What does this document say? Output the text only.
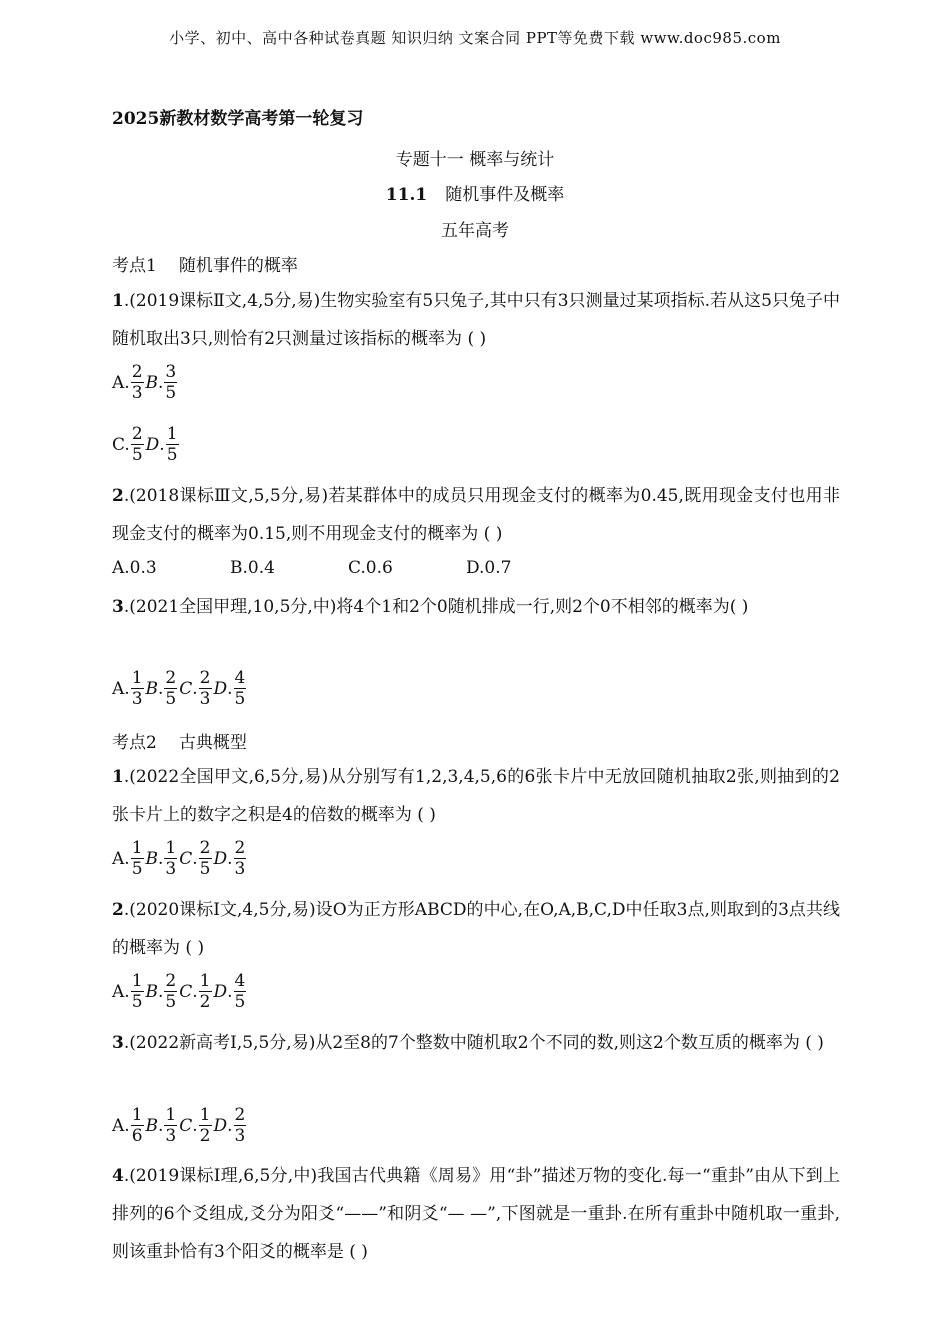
小学、初中、高中各种试卷真题 知识归纳 文案合同 PPT等免费下载 www.doc985.com
2025新教材数学高考第一轮复习
专题十一 概率与统计
11.1 随机事件及概率
五年高考
考点1 随机事件的概率
1.(2019课标Ⅱ文,4,5分,易)生物实验室有5只兔子,其中只有3只测量过某项指标.若从这5只兔子中随机取出3只,则恰有2只测量过该指标的概率为 ( )
A. $\frac{2}{3}$ B . $\frac{3}{5}$
C. $\frac{2}{5}$ D . $\frac{1}{5}$
2.(2018课标Ⅲ文,5,5分,易)若某群体中的成员只用现金支付的概率为0.45,既用现金支付也用非现金支付的概率为0.15,则不用现金支付的概率为 ( )
A.0.3	B.0.4	C.0.6	D.0.7
3.(2021全国甲理,10,5分,中)将4个1和2个0随机排成一行,则2个0不相邻的概率为( )
A. $\frac{1}{3}$ B . $\frac{2}{5}$ C . $\frac{2}{3}$ D . $\frac{4}{5}$
考点2 古典概型
1.(2022全国甲文,6,5分,易)从分别写有1,2,3,4,5,6的6张卡片中无放回随机抽取2张,则抽到的2张卡片上的数字之积是4的倍数的概率为 ( )
A. $\frac{1}{5}$ B . $\frac{1}{3}$ C . $\frac{2}{5}$ D . $\frac{2}{3}$
2.(2020课标Ⅰ文,4,5分,易)设O为正方形ABCD的中心,在O,A,B,C,D中任取3点,则取到的3点共线的概率为 ( )
A. $\frac{1}{5}$ B . $\frac{2}{5}$ C . $\frac{1}{2}$ D . $\frac{4}{5}$
3.(2022新高考Ⅰ,5,5分,易)从2至8的7个整数中随机取2个不同的数,则这2个数互质的概率为 ( )
A. $\frac{1}{6}$ B . $\frac{1}{3}$ C . $\frac{1}{2}$ D . $\frac{2}{3}$
4.(2019课标Ⅰ理,6,5分,中)我国古代典籍《周易》用“卦”描述万物的变化.每一“重卦”由从下到上排列的6个爻组成,爻分为阳爻“——”和阴爻“— —”,下图就是一重卦.在所有重卦中随机取一重卦,则该重卦恰有3个阳爻的概率是 ( )
